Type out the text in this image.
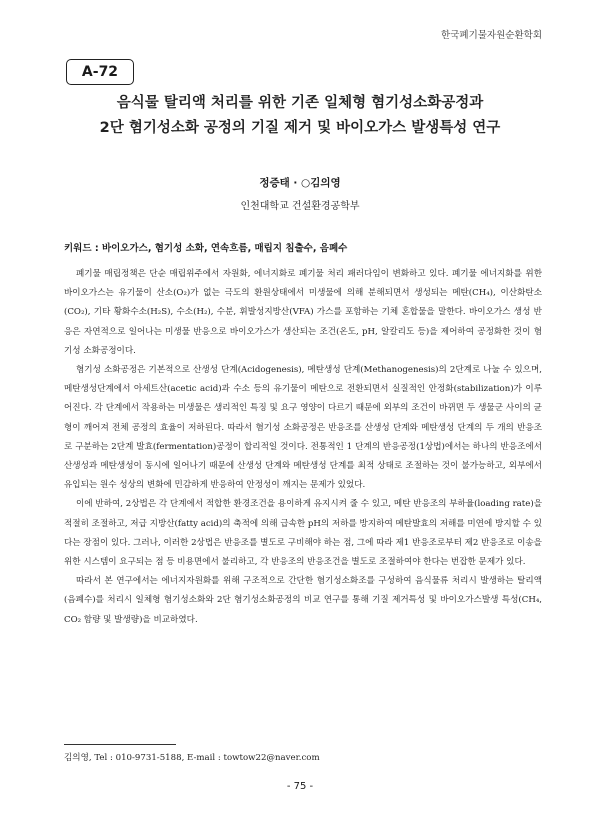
한국폐기물자원순환학회
A-72
음식물 탈리액 처리를 위한 기존 일체형 혐기성소화공정과
2단 혐기성소화 공정의 기질 제거 및 바이오가스 발생특성 연구
정증태 · ○김의영
인천대학교 건설환경공학부
키워드 : 바이오가스, 혐기성 소화, 연속흐름, 매립지 침출수, 음폐수

폐기물 매립정책은 단순 매립위주에서 자원화, 에너지화로 폐기물 처리 패러다임이 변화하고 있다. 폐기물 에너지화를 위한 바이오가스는 유기물이 산소(O₂)가 없는 극도의 환원상태에서 미생물에 의해 분해되면서 생성되는 메탄(CH₄), 이산화탄소(CO₂), 기타 황화수소(H₂S), 수소(H₂), 수분, 휘발성지방산(VFA) 가스를 포함하는 기체 혼합물을 말한다. 바이오가스 생성 반응은 자연적으로 일어나는 미생물 반응으로 바이오가스가 생산되는 조건(온도, pH, 알칼리도 등)을 제어하여 공정화한 것이 혐기성 소화공정이다.

혐기성 소화공정은 기본적으로 산생성 단계(Acidogenesis), 메탄생성 단계(Methanogenesis)의 2단계로 나눌 수 있으며, 메탄생성단계에서 아세트산(acetic acid)과 수소 등의 유기물이 메탄으로 전환되면서 실질적인 안정화(stabilization)가 이루어진다. 각 단계에서 작용하는 미생물은 생리적인 특징 및 요구 영양이 다르기 때문에 외부의 조건이 바뀌면 두 생물군 사이의 균형이 깨어져 전체 공정의 효율이 저하된다. 따라서 혐기성 소화공정은 반응조를 산생성 단계와 메탄생성 단계의 두 개의 반응조로 구분하는 2단계 발효(fermentation)공정이 합리적일 것이다. 전통적인 1 단계의 반응공정(1상법)에서는 하나의 반응조에서 산생성과 메탄생성이 동시에 일어나기 때문에 산생성 단계와 메탄생성 단계를 최적 상태로 조절하는 것이 불가능하고, 외부에서 유입되는 원수 성상의 변화에 민감하게 반응하여 안정성이 깨지는 문제가 있었다.

이에 반하여, 2상법은 각 단계에서 적합한 환경조건을 용이하게 유지시켜 줄 수 있고, 메탄 반응조의 부하율(loading rate)을 적절히 조절하고, 저급 지방산(fatty acid)의 축적에 의해 급속한 pH의 저하를 방지하여 메탄발효의 저해를 미연에 방지할 수 있다는 장점이 있다. 그러나, 이러한 2상법은 반응조를 별도로 구비해야 하는 점, 그에 따라 제1 반응조로부터 제2 반응조로 이송을 위한 시스템이 요구되는 점 등 비용면에서 불리하고, 각 반응조의 반응조건을 별도로 조절하여야 한다는 번잡한 문제가 있다.

따라서 본 연구에서는 에너지자원화를 위해 구조적으로 간단한 혐기성소화조를 구성하여 음식물류 처리시 발생하는 탈리액(음폐수)를 처리시 일체형 혐기성소화와 2단 혐기성소화공정의 비교 연구를 통해 기질 제거특성 및 바이오가스발생 특성(CH₄, CO₂ 함량 및 발생량)을 비교하였다.

김의영, Tel : 010-9731-5188, E-mail : towtow22@naver.com
- 75 -
